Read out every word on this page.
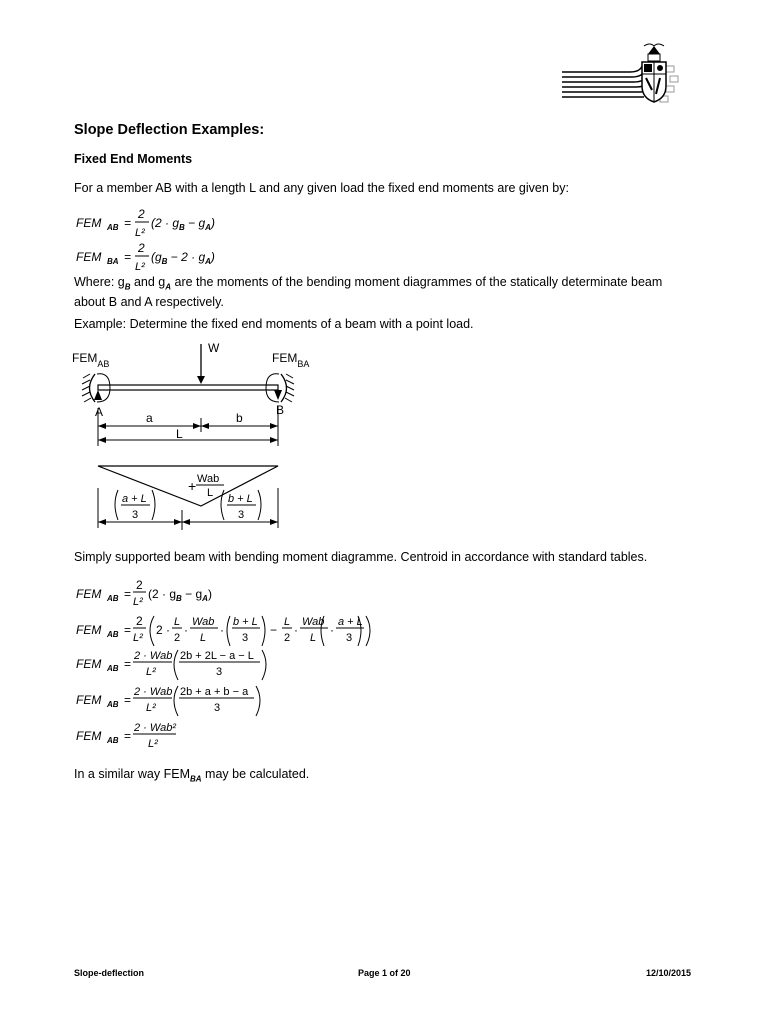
Slope Deflection Examples:
Fixed End Moments
For a member AB with a length L and any given load the fixed end moments are given by:
FEM AB =
2
L²
$(2 \cdot g_B - g_A)$
FEM BA =
2
L²
$(g_B - 2 \cdot g_A)$
Where: $g_B$ and $g_A$ are the moments of the bending moment diagrammes of the statically determinate beam
about B and A respectively.
Example: Determine the fixed end moments of a beam with a point load.
W
$FEM_{AB}$	$FEM_{BA}$
A	B
a	b
L
+ Wab
L
a + L
3
b + L
3
Simply supported beam with bending moment diagramme. Centroid in accordance with standard tables.
FEM AB =
2
L²
$(2 \cdot g_B - g_A)$
FEM AB =
2
L²
2 ·
L
2
·
Wab
L
·
b + L
3
−
L
2
·
Wab
L
·
a + L
3
FEM AB =
2 · Wab
L²
2b + 2L − a − L
3
FEM AB =
2 · Wab
L²
2b + a + b − a
3
FEM AB =
2 · Wab²
L²
In a similar way $FEM_{BA}$ may be calculated.
Slope-deflection	Page 1 of 20	12/10/2015
